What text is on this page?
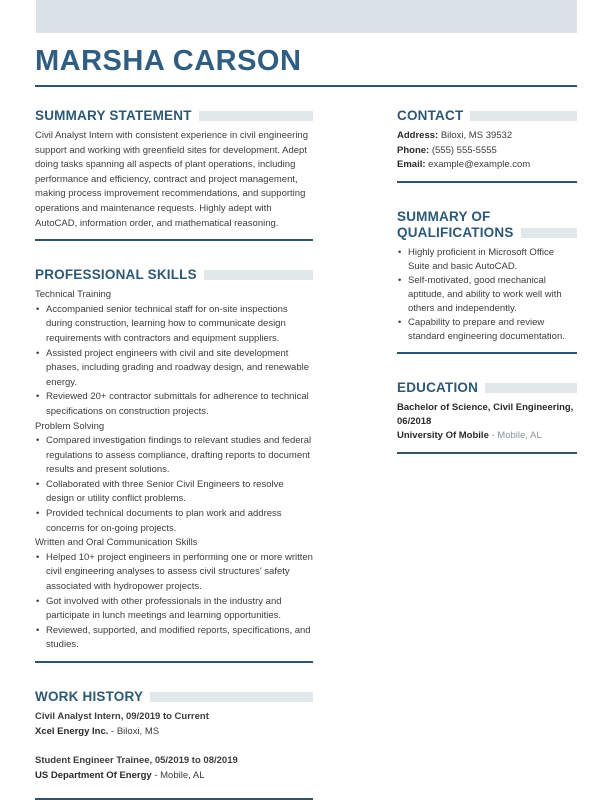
MARSHA CARSON
SUMMARY STATEMENT

Civil Analyst Intern with consistent experience in civil engineering support and working with greenfield sites for development. Adept doing tasks spanning all aspects of plant operations, including performance and efficiency, contract and project management, making process improvement recommendations, and supporting operations and maintenance requests. Highly adept with AutoCAD, information order, and mathematical reasoning.

PROFESSIONAL SKILLS
Technical Training
• Accompanied senior technical staff for on-site inspections during construction, learning how to communicate design requirements with contractors and equipment suppliers.
• Assisted project engineers with civil and site development phases, including grading and roadway design, and renewable energy.
• Reviewed 20+ contractor submittals for adherence to technical specifications on construction projects.
Problem Solving
• Compared investigation findings to relevant studies and federal regulations to assess compliance, drafting reports to document results and present solutions.
• Collaborated with three Senior Civil Engineers to resolve design or utility conflict problems.
• Provided technical documents to plan work and address concerns for on-going projects.
Written and Oral Communication Skills
• Helped 10+ project engineers in performing one or more written civil engineering analyses to assess civil structures' safety associated with hydropower projects.
• Got involved with other professionals in the industry and participate in lunch meetings and learning opportunities.
• Reviewed, supported, and modified reports, specifications, and studies.
WORK HISTORY
Civil Analyst Intern, 09/2019 to Current
Xcel Energy Inc. - Biloxi, MS
Student Engineer Trainee, 05/2019 to 08/2019
US Department Of Energy - Mobile, AL
CONTACT
Address: Biloxi, MS 39532
Phone: (555) 555-5555
Email: example@example.com
SUMMARY OF
QUALIFICATIONS
• Highly proficient in Microsoft Office Suite and basic AutoCAD.
• Self-motivated, good mechanical aptitude, and ability to work well with others and independently.
• Capability to prepare and review standard engineering documentation.
EDUCATION
Bachelor of Science, Civil Engineering, 06/2018
University Of Mobile - Mobile, AL
